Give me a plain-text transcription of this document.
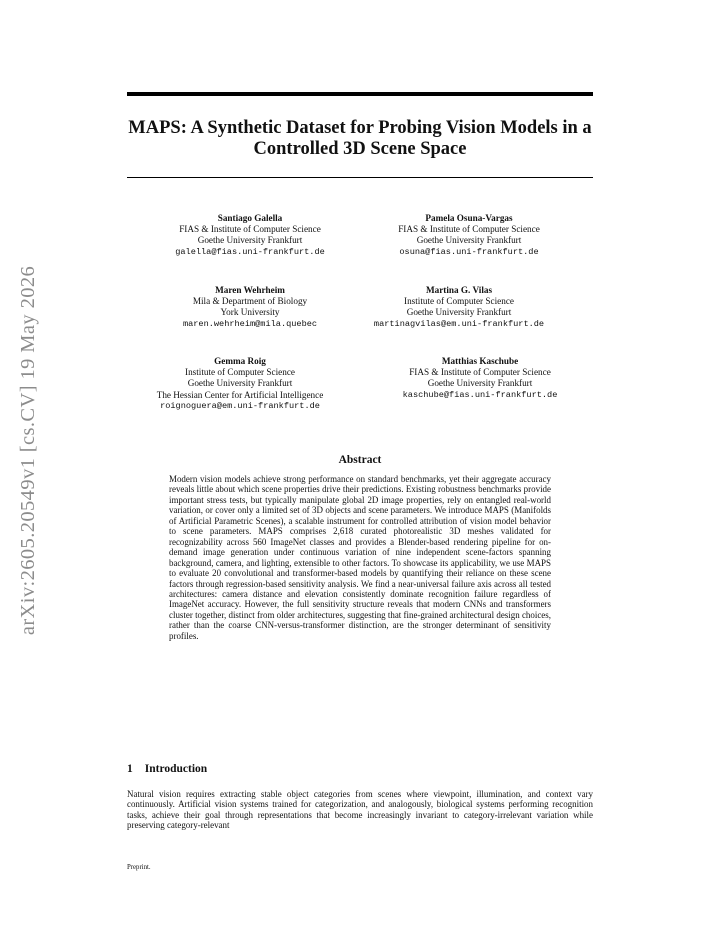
arXiv:2605.20549v1 [cs.CV] 19 May 2026
MAPS: A Synthetic Dataset for Probing Vision Models in a Controlled 3D Scene Space
Santiago Galella
FIAS & Institute of Computer Science
Goethe University Frankfurt
galella@fias.uni-frankfurt.de
Pamela Osuna-Vargas
FIAS & Institute of Computer Science
Goethe University Frankfurt
osuna@fias.uni-frankfurt.de
Maren Wehrheim
Mila & Department of Biology
York University
maren.wehrheim@mila.quebec
Martina G. Vilas
Institute of Computer Science
Goethe University Frankfurt
martinagvilas@em.uni-frankfurt.de
Gemma Roig
Institute of Computer Science
Goethe University Frankfurt
The Hessian Center for Artificial Intelligence
roignoguera@em.uni-frankfurt.de
Matthias Kaschube
FIAS & Institute of Computer Science
Goethe University Frankfurt
kaschube@fias.uni-frankfurt.de
Abstract
Modern vision models achieve strong performance on standard benchmarks, yet their aggregate accuracy reveals little about which scene properties drive their predictions. Existing robustness benchmarks provide important stress tests, but typically manipulate global 2D image properties, rely on entangled real-world variation, or cover only a limited set of 3D objects and scene parameters. We introduce MAPS (Manifolds of Artificial Parametric Scenes), a scalable instrument for controlled attribution of vision model behavior to scene parameters. MAPS comprises 2,618 curated photorealistic 3D meshes validated for recognizability across 560 ImageNet classes and provides a Blender-based rendering pipeline for on-demand image generation under continuous variation of nine independent scene-factors spanning background, camera, and lighting, extensible to other factors. To showcase its applicability, we use MAPS to evaluate 20 convolutional and transformer-based models by quantifying their reliance on these scene factors through regression-based sensitivity analysis. We find a near-universal failure axis across all tested architectures: camera distance and elevation consistently dominate recognition failure regardless of ImageNet accuracy. However, the full sensitivity structure reveals that modern CNNs and transformers cluster together, distinct from older architectures, suggesting that fine-grained architectural design choices, rather than the coarse CNN-versus-transformer distinction, are the stronger determinant of sensitivity profiles.
1 Introduction
Natural vision requires extracting stable object categories from scenes where viewpoint, illumination, and context vary continuously. Artificial vision systems trained for categorization, and analogously, biological systems performing recognition tasks, achieve their goal through representations that become increasingly invariant to category-irrelevant variation while preserving category-relevant
Preprint.
